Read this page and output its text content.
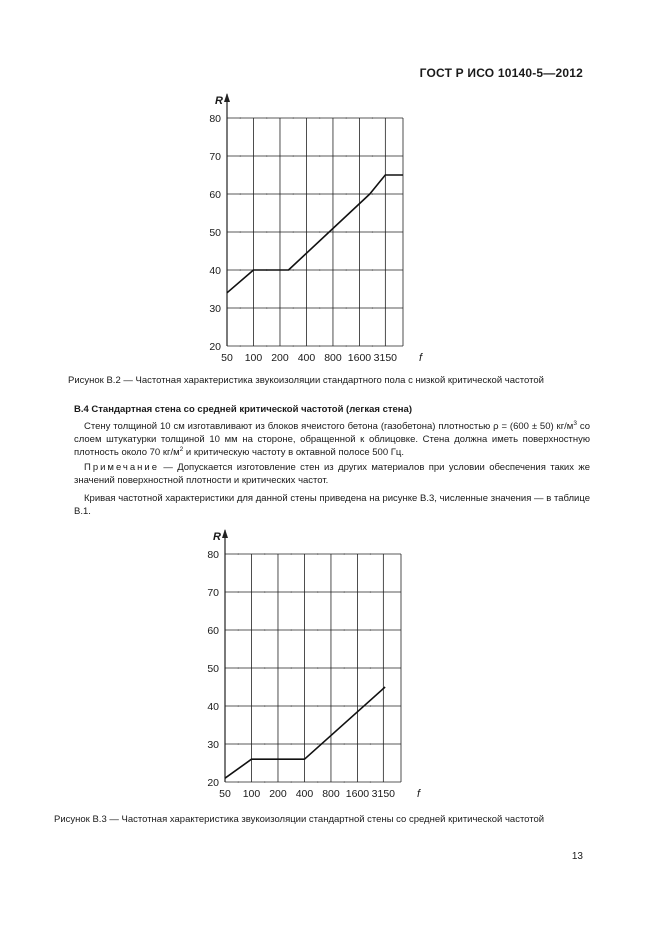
ГОСТ Р ИСО 10140-5—2012
20
30
40
50
60
70
80
50 100 200 400 800 1600 3150
R
f
Рисунок В.2 — Частотная характеристика звукоизоляции стандартного пола с низкой критической частотой
В.4 Стандартная стена со средней критической частотой (легкая стена)
Стену толщиной 10 см изготавливают из блоков ячеистого бетона (газобетона) плотностью ρ = (600 ± 50) $кг/м^3$ со слоем штукатурки толщиной 10 мм на стороне, обращенной к облицовке. Стена должна иметь поверхностную плотность около 70 $кг/м^2$ и критическую частоту в октавной полосе 500 Гц.
Примечание — Допускается изготовление стен из других материалов при условии обеспечения таких же значений поверхностной плотности и критических частот.
Кривая частотной характеристики для данной стены приведена на рисунке В.3, численные значения — в таблице В.1.
20
30
40
50
60
70
80
50 100 200 400 800 1600 3150
R
f
Рисунок В.3 — Частотная характеристика звукоизоляции стандартной стены со средней критической частотой
13
